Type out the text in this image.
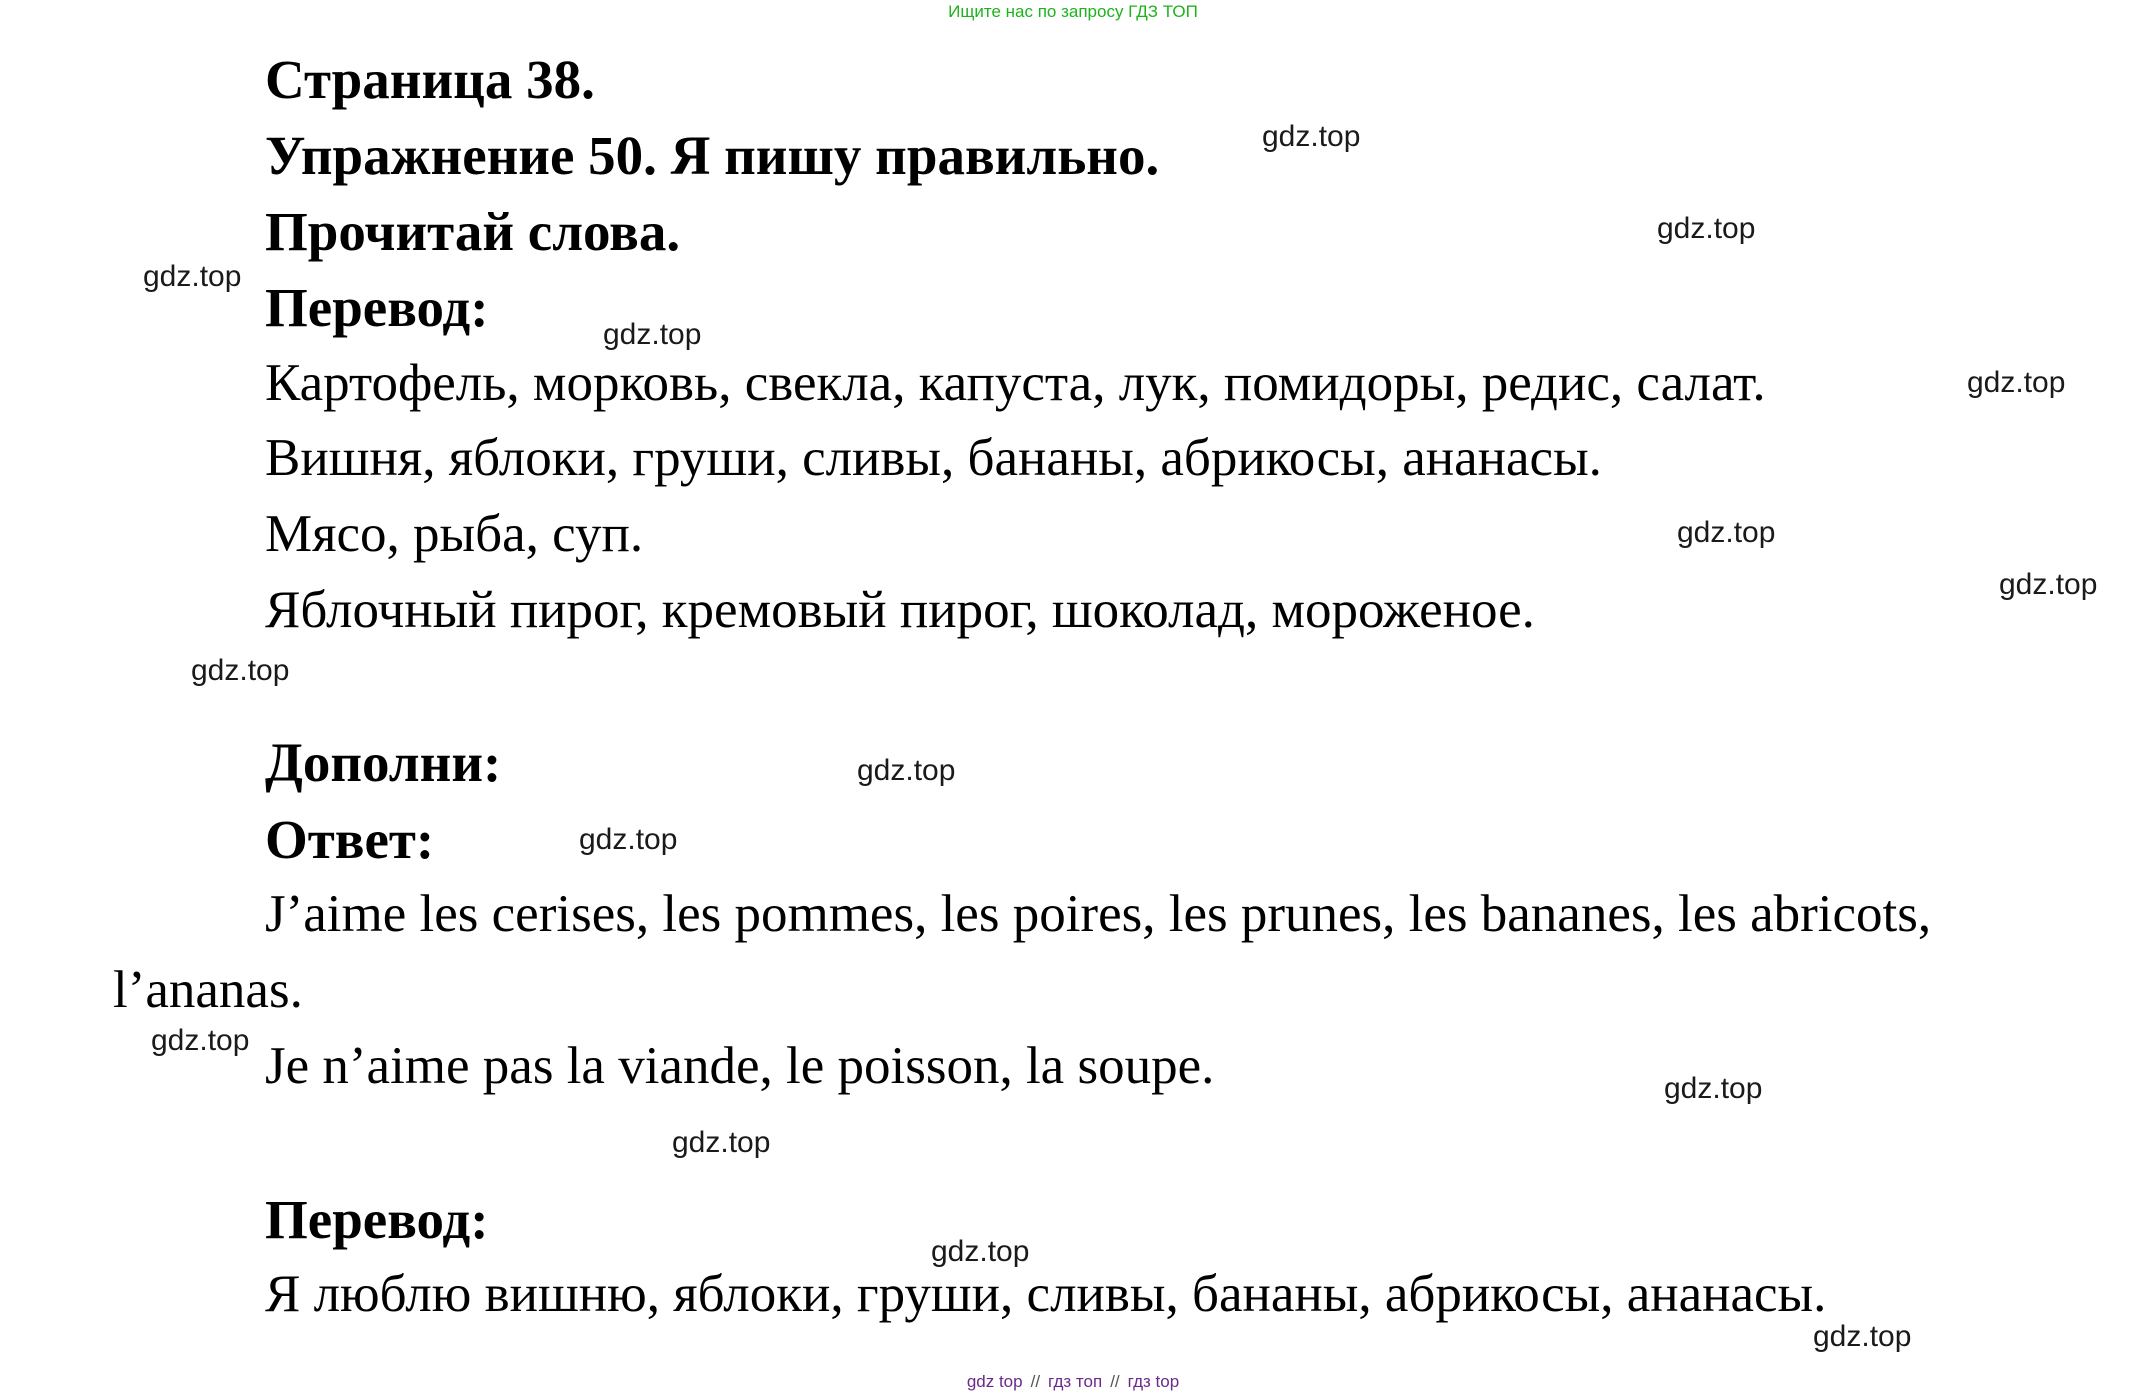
Ищите нас по запросу ГДЗ ТОП
Страница 38.
Упражнение 50. Я пишу правильно.
Прочитай слова.
Перевод:
Картофель, морковь, свекла, капуста, лук, помидоры, редис, салат.
Вишня, яблоки, груши, сливы, бананы, абрикосы, ананасы.
Мясо, рыба, суп.
Яблочный пирог, кремовый пирог, шоколад, мороженое.
Дополни:
Ответ:
J’aime les cerises, les pommes, les poires, les prunes, les bananes, les abricots,
l’ananas.
Je n’aime pas la viande, le poisson, la soupe.
Перевод:
Я люблю вишню, яблоки, груши, сливы, бананы, абрикосы, ананасы.
gdz.top
gdz.top
gdz.top
gdz.top
gdz.top
gdz.top
gdz.top
gdz.top
gdz.top
gdz.top
gdz.top
gdz.top
gdz.top
gdz.top
gdz.top
gdz top // гдз топ // гдз top
